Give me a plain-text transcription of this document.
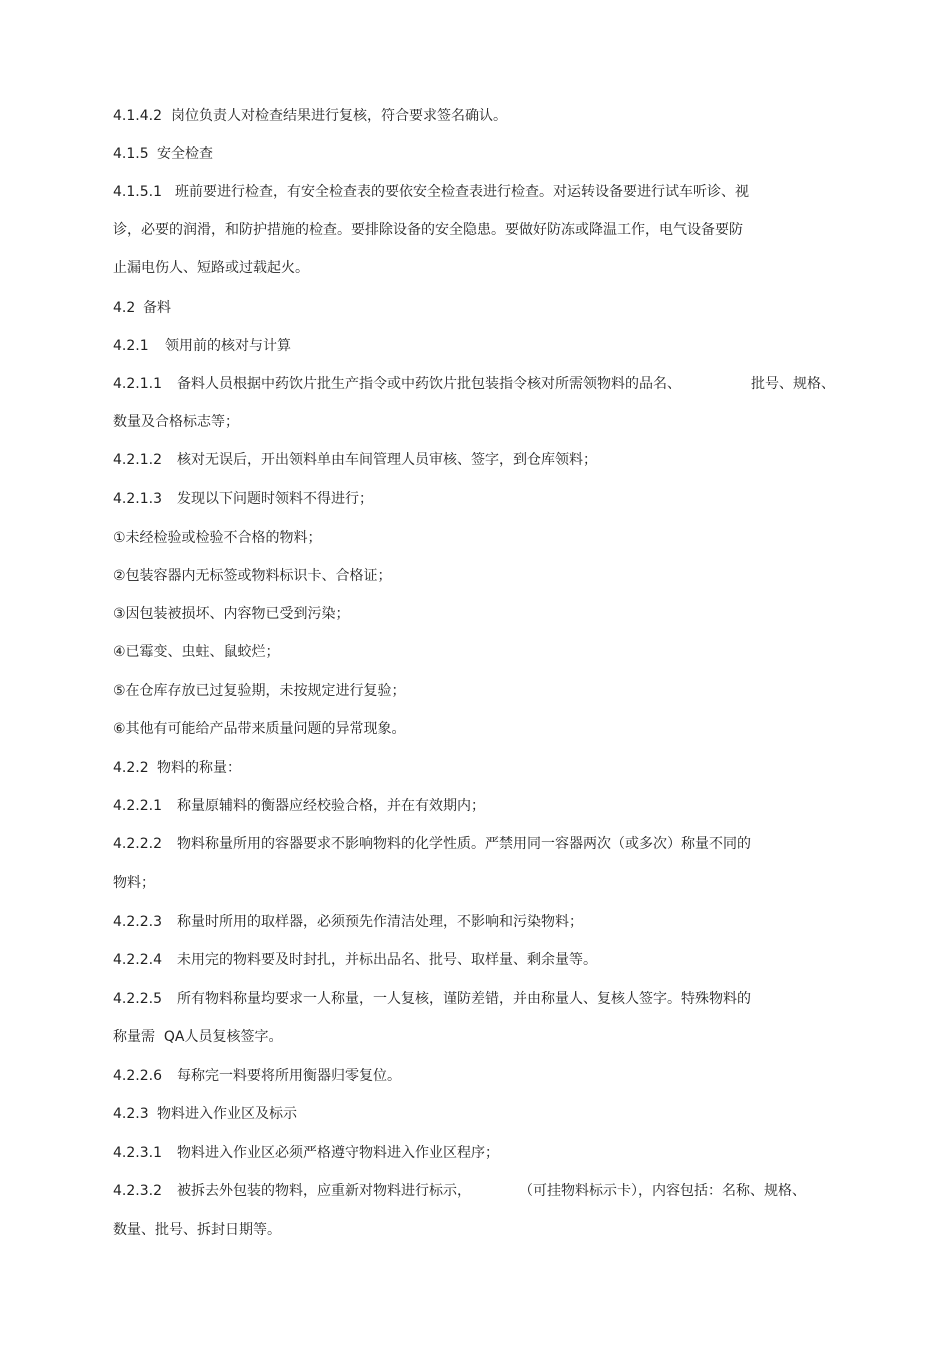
4.1.4.2 岗位负责人对检查结果进行复核，符合要求签名确认。
4.1.5 安全检查
4.1.5.1 班前要进行检查，有安全检查表的要依安全检查表进行检查。对运转设备要进行试车听诊、视
诊，必要的润滑，和防护措施的检查。要排除设备的安全隐患。要做好防冻或降温工作，电气设备要防
止漏电伤人、短路或过载起火。
4.2 备料
4.2.1 领用前的核对与计算
4.2.1.1 备料人员根据中药饮片批生产指令或中药饮片批包装指令核对所需领物料的品名、	批号、规格、
数量及合格标志等；
4.2.1.2 核对无误后，开出领料单由车间管理人员审核、签字，到仓库领料；
4.2.1.3 发现以下问题时领料不得进行；
①未经检验或检验不合格的物料；
②包装容器内无标签或物料标识卡、合格证；
③因包装被损坏、内容物已受到污染；
④已霉变、虫蛀、鼠蛟烂；
⑤在仓库存放已过复验期，未按规定进行复验；
⑥其他有可能给产品带来质量问题的异常现象。
4.2.2 物料的称量：
4.2.2.1 称量原辅料的衡器应经校验合格，并在有效期内；
4.2.2.2 物料称量所用的容器要求不影响物料的化学性质。严禁用同一容器两次（或多次）称量不同的
物料；
4.2.2.3 称量时所用的取样器，必须预先作清洁处理，不影响和污染物料；
4.2.2.4 未用完的物料要及时封扎，并标出品名、批号、取样量、剩余量等。
4.2.2.5 所有物料称量均要求一人称量，一人复核，谨防差错，并由称量人、复核人签字。特殊物料的
称量需  QA人员复核签字。
4.2.2.6 每称完一料要将所用衡器归零复位。
4.2.3 物料进入作业区及标示
4.2.3.1 物料进入作业区必须严格遵守物料进入作业区程序；
4.2.3.2 被拆去外包装的物料，应重新对物料进行标示，	（可挂物料标示卡），内容包括：名称、规格、
数量、批号、拆封日期等。
